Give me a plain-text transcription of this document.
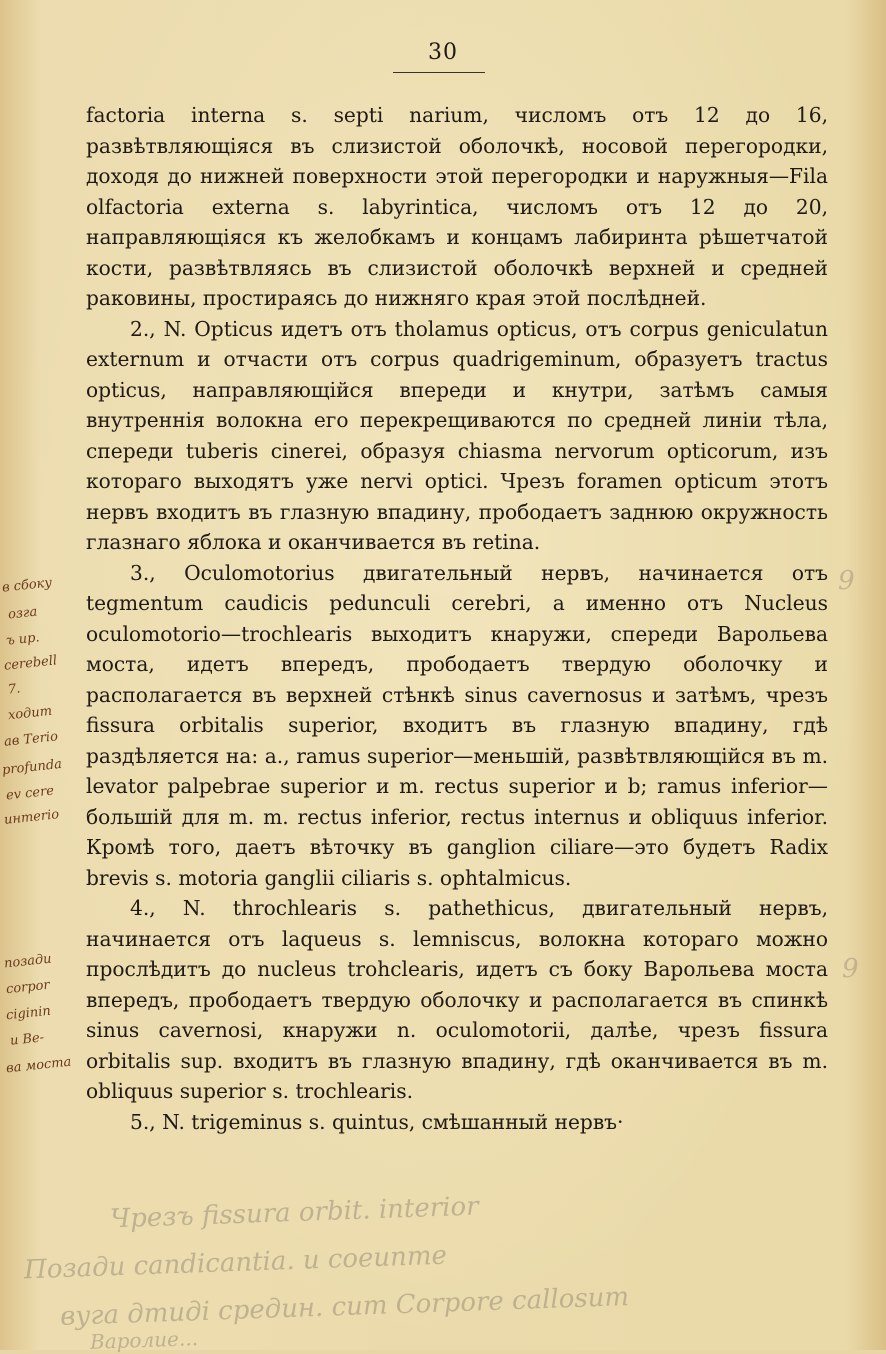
30

factoria interna s. septi narium, числомъ отъ 12 до 16, развѣтвляющіяся въ слизистой оболочкѣ, носовой перегородки, доходя до нижней поверхности этой перегородки и наружныя—Fila olfactoria externa s. labyrintica, числомъ отъ 12 до 20, направляющіяся къ желобкамъ и концамъ лабиринта рѣшетчатой кости, развѣтвляясь въ слизистой оболочкѣ верхней и средней раковины, простираясь до нижняго края этой послѣдней.

2., N. Opticus идетъ отъ tholamus opticus, отъ corpus geniculatun externum и отчасти отъ corpus quadrigeminum, образуетъ tractus opticus, направляющійся впереди и кнутри, затѣмъ самыя внутреннія волокна его перекрещиваются по средней линіи тѣла, спереди tuberis cinerei, образуя chiasma nervorum opticorum, изъ котораго выходятъ уже nervi optici. Чрезъ foramen opticum этотъ нервъ входитъ въ глазную впадину, прободаетъ заднюю окружность глазнаго яблока и оканчивается въ retina.

3., Oculomotorius двигательный нервъ, начинается отъ tegmentum caudicis pedunculi cerebri, а именно отъ Nucleus oculomotorio—trochlearis выходитъ кнаружи, спереди Варольева моста, идетъ впередъ, прободаетъ твердую оболочку и располагается въ верхней стѣнкѣ sinus cavernosus и затѣмъ, чрезъ fissura orbitalis superior, входитъ въ глазную впадину, гдѣ раздѣляется на: a., ramus superior—меньшій, развѣтвляющійся въ m. levator palpebrae superior и m. rectus superior и b; ramus inferior—большій для m. m. rectus inferior, rectus internus и obliquus inferior. Кромѣ того, даетъ вѣточку въ ganglion ciliare—это будетъ Radix brevis s. motoria ganglii ciliaris s. ophtalmicus.

4., N. throchlearis s. pathethicus, двигательный нервъ, начинается отъ laqueus s. lemniscus, волокна котораго можно прослѣдитъ до nucleus trohclearis, идетъ съ боку Варольева моста впередъ, прободаетъ твердую оболочку и располагается въ спинкѣ sinus cavernosi, кнаружи n. oculomotorii, далѣе, чрезъ fissura orbitalis sup. входитъ въ глазную впадину, гдѣ оканчивается въ m. obliquus superior s. trochlearis.

5., N. trigeminus s. quintus, смѣшанный нервъ·

в сбоку
озга
ъ up.
cerebell
7.
ходит
ав Теrio
profunda
ev cere
интеrio
позади
corpor
ciginin
и Ве-
ва моста
9
9
Чрезъ fissura orbit. interior
Позади candicantia. и coeunme
вуга дтиді cредин. cит Corpore callosum
Варолие...
